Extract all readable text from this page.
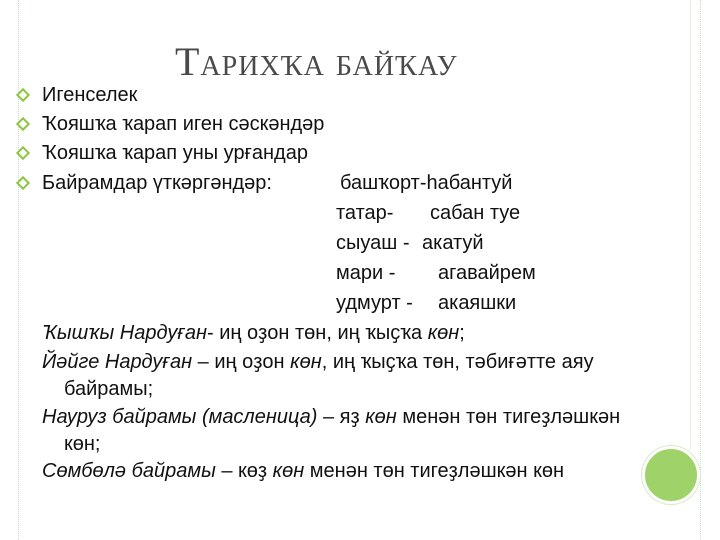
Тарихҡа байҡау
Игенселек
Ҡояшҡа ҡарап иген сәскәндәр
Ҡояшҡа ҡарап уны урғандар
Байрамдар үткәргәндәр:	башҡорт-һабантуй
татар- сабан туе
сыуаш - акатуй
мари - агавайрем
удмурт - акаяшки
Ҡышҡы Нардуған- иң оҙон төн, иң ҡыҫҡа көн;
Йәйге Нардуған – иң оҙон көн, иң ҡыҫҡа төн, тәбиғәтте аяу
байрамы;
Науруз байрамы (масленица) – яҙ көн менән төн тигеҙләшкән
көн;
Сөмбөлә байрамы – көҙ көн менән төн тигеҙләшкән көн
